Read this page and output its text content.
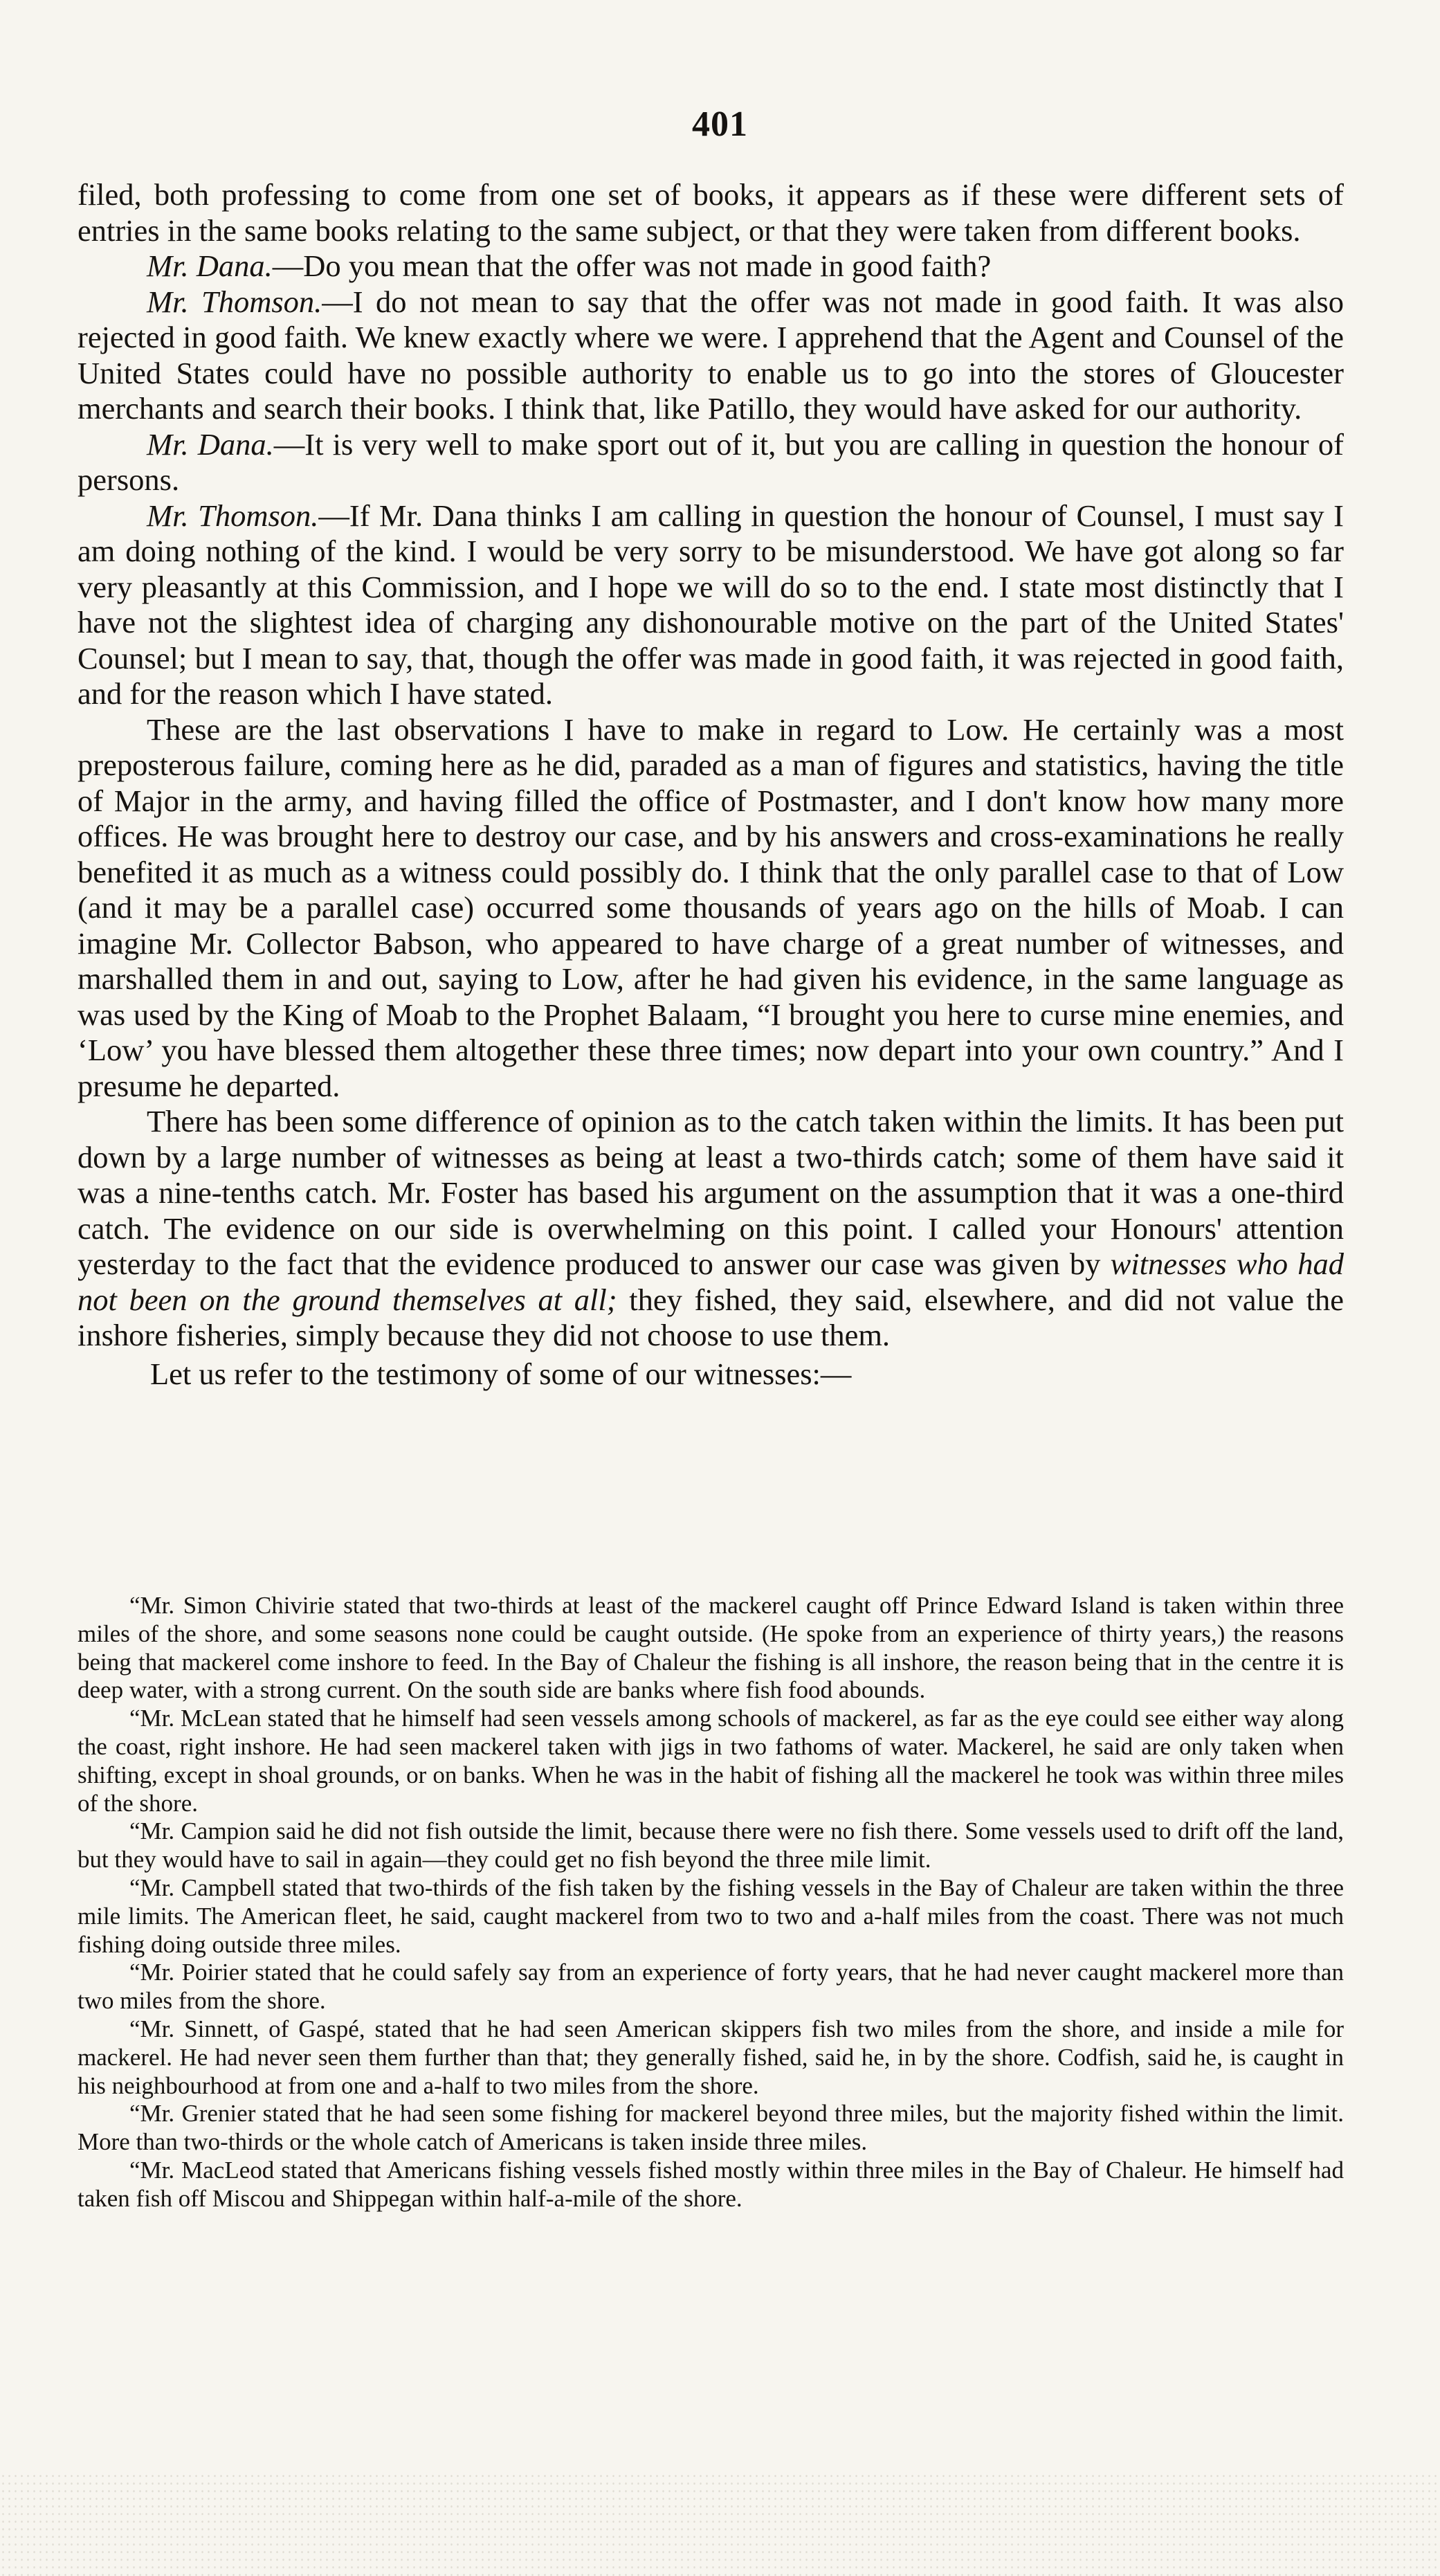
401

filed, both professing to come from one set of books, it appears as if these were different sets of entries in the same books relating to the same subject, or that they were taken from different books.

Mr. Dana.—Do you mean that the offer was not made in good faith?

Mr. Thomson.—I do not mean to say that the offer was not made in good faith. It was also rejected in good faith. We knew exactly where we were. I apprehend that the Agent and Counsel of the United States could have no possible authority to enable us to go into the stores of Gloucester merchants and search their books. I think that, like Patillo, they would have asked for our authority.

Mr. Dana.—It is very well to make sport out of it, but you are calling in question the honour of persons.

Mr. Thomson.—If Mr. Dana thinks I am calling in question the honour of Counsel, I must say I am doing nothing of the kind. I would be very sorry to be misunderstood. We have got along so far very pleasantly at this Commission, and I hope we will do so to the end. I state most distinctly that I have not the slightest idea of charging any dishonourable motive on the part of the United States' Counsel; but I mean to say, that, though the offer was made in good faith, it was rejected in good faith, and for the reason which I have stated.

These are the last observations I have to make in regard to Low. He certainly was a most preposterous failure, coming here as he did, paraded as a man of figures and statistics, having the title of Major in the army, and having filled the office of Postmaster, and I don't know how many more offices. He was brought here to destroy our case, and by his answers and cross-examinations he really benefited it as much as a witness could possibly do. I think that the only parallel case to that of Low (and it may be a parallel case) occurred some thousands of years ago on the hills of Moab. I can imagine Mr. Collector Babson, who appeared to have charge of a great number of witnesses, and marshalled them in and out, saying to Low, after he had given his evidence, in the same language as was used by the King of Moab to the Prophet Balaam, “I brought you here to curse mine enemies, and ‘Low’ you have blessed them altogether these three times; now depart into your own country.” And I presume he departed.

There has been some difference of opinion as to the catch taken within the limits. It has been put down by a large number of witnesses as being at least a two-thirds catch; some of them have said it was a nine-tenths catch. Mr. Foster has based his argument on the assumption that it was a one-third catch. The evidence on our side is overwhelming on this point. I called your Honours' attention yesterday to the fact that the evidence produced to answer our case was given by witnesses who had not been on the ground themselves at all; they fished, they said, elsewhere, and did not value the inshore fisheries, simply because they did not choose to use them.

Let us refer to the testimony of some of our witnesses:—

“Mr. Simon Chivirie stated that two-thirds at least of the mackerel caught off Prince Edward Island is taken within three miles of the shore, and some seasons none could be caught outside. (He spoke from an experience of thirty years,) the reasons being that mackerel come inshore to feed. In the Bay of Chaleur the fishing is all inshore, the reason being that in the centre it is deep water, with a strong current. On the south side are banks where fish food abounds.

“Mr. McLean stated that he himself had seen vessels among schools of mackerel, as far as the eye could see either way along the coast, right inshore. He had seen mackerel taken with jigs in two fathoms of water. Mackerel, he said are only taken when shifting, except in shoal grounds, or on banks. When he was in the habit of fishing all the mackerel he took was within three miles of the shore.

“Mr. Campion said he did not fish outside the limit, because there were no fish there. Some vessels used to drift off the land, but they would have to sail in again—they could get no fish beyond the three mile limit.

“Mr. Campbell stated that two-thirds of the fish taken by the fishing vessels in the Bay of Chaleur are taken within the three mile limits. The American fleet, he said, caught mackerel from two to two and a-half miles from the coast. There was not much fishing doing outside three miles.

“Mr. Poirier stated that he could safely say from an experience of forty years, that he had never caught mackerel more than two miles from the shore.

“Mr. Sinnett, of Gaspé, stated that he had seen American skippers fish two miles from the shore, and inside a mile for mackerel. He had never seen them further than that; they generally fished, said he, in by the shore. Codfish, said he, is caught in his neighbourhood at from one and a-half to two miles from the shore.

“Mr. Grenier stated that he had seen some fishing for mackerel beyond three miles, but the majority fished within the limit. More than two-thirds or the whole catch of Americans is taken inside three miles.

“Mr. MacLeod stated that Americans fishing vessels fished mostly within three miles in the Bay of Chaleur. He himself had taken fish off Miscou and Shippegan within half-a-mile of the shore.
